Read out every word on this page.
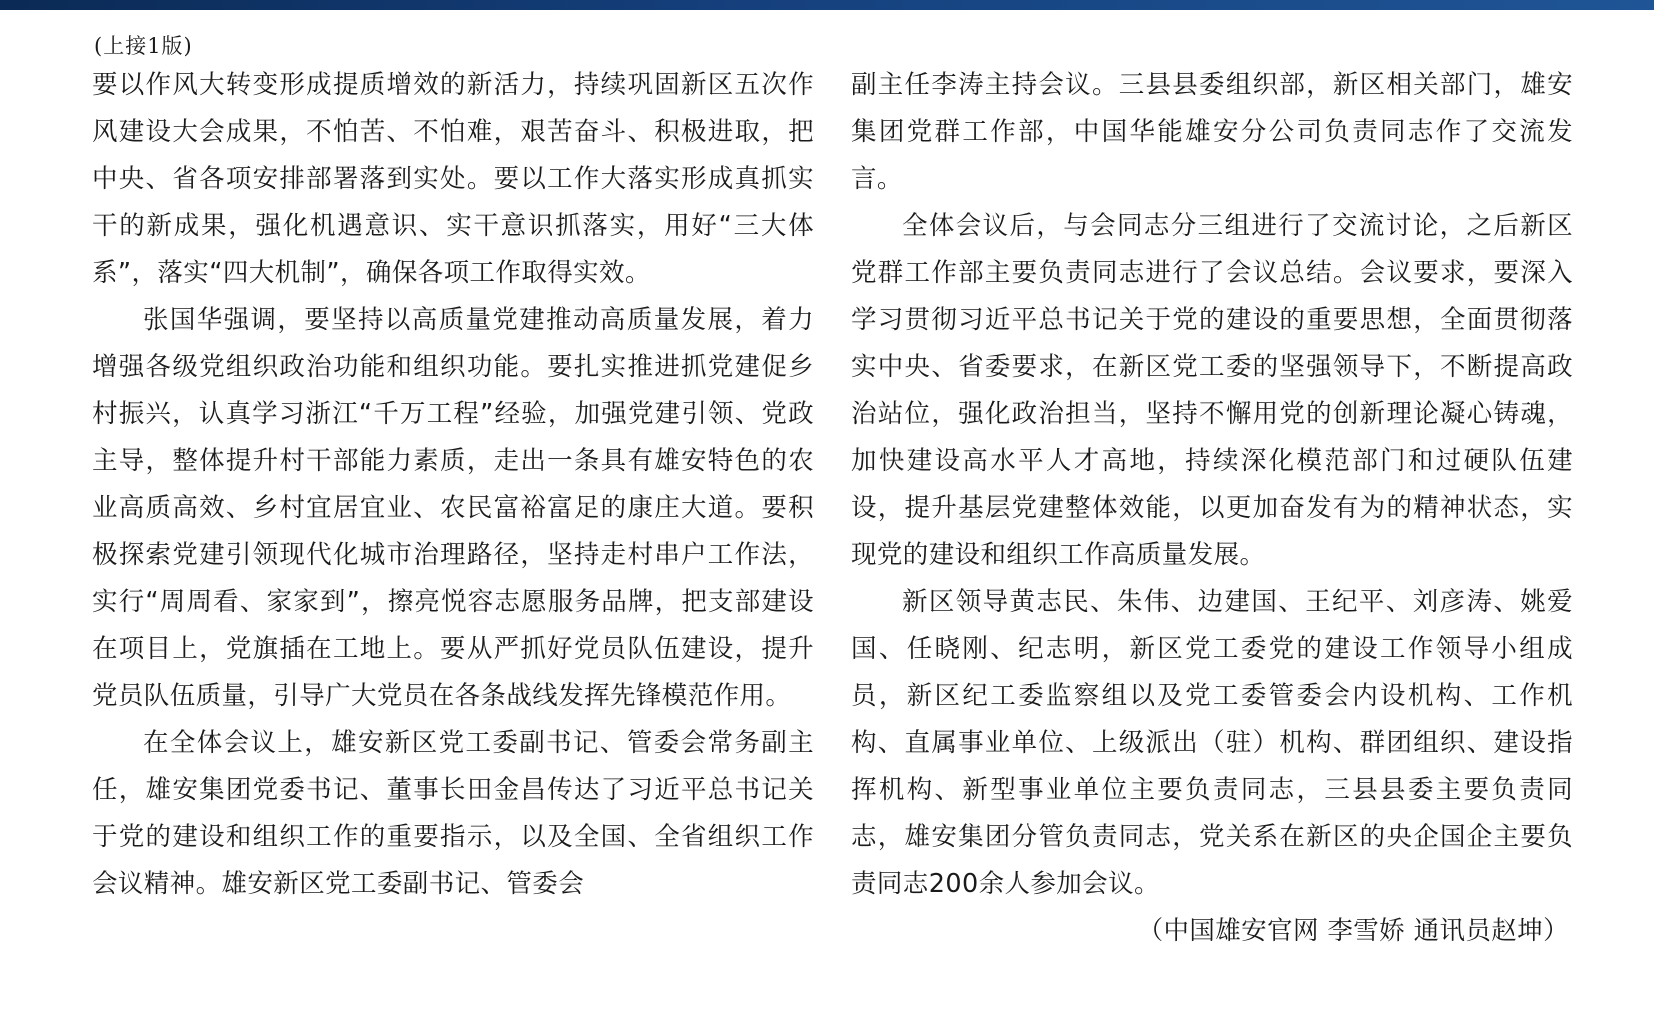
(上接1版)

要以作风大转变形成提质增效的新活力，持续巩固新区五次作风建设大会成果，不怕苦、不怕难，艰苦奋斗、积极进取，把中央、省各项安排部署落到实处。要以工作大落实形成真抓实干的新成果，强化机遇意识、实干意识抓落实，用好“三大体系”，落实“四大机制”，确保各项工作取得实效。

张国华强调，要坚持以高质量党建推动高质量发展，着力增强各级党组织政治功能和组织功能。要扎实推进抓党建促乡村振兴，认真学习浙江“千万工程”经验，加强党建引领、党政主导，整体提升村干部能力素质，走出一条具有雄安特色的农业高质高效、乡村宜居宜业、农民富裕富足的康庄大道。要积极探索党建引领现代化城市治理路径，坚持走村串户工作法，实行“周周看、家家到”，擦亮悦容志愿服务品牌，把支部建设在项目上，党旗插在工地上。要从严抓好党员队伍建设，提升党员队伍质量，引导广大党员在各条战线发挥先锋模范作用。

在全体会议上，雄安新区党工委副书记、管委会常务副主任，雄安集团党委书记、董事长田金昌传达了习近平总书记关于党的建设和组织工作的重要指示，以及全国、全省组织工作会议精神。雄安新区党工委副书记、管委会

副主任李涛主持会议。三县县委组织部，新区相关部门，雄安集团党群工作部，中国华能雄安分公司负责同志作了交流发言。

全体会议后，与会同志分三组进行了交流讨论，之后新区党群工作部主要负责同志进行了会议总结。会议要求，要深入学习贯彻习近平总书记关于党的建设的重要思想，全面贯彻落实中央、省委要求，在新区党工委的坚强领导下，不断提高政治站位，强化政治担当，坚持不懈用党的创新理论凝心铸魂，加快建设高水平人才高地，持续深化模范部门和过硬队伍建设，提升基层党建整体效能，以更加奋发有为的精神状态，实现党的建设和组织工作高质量发展。

新区领导黄志民、朱伟、边建国、王纪平、刘彦涛、姚爱国、任晓刚、纪志明，新区党工委党的建设工作领导小组成员，新区纪工委监察组以及党工委管委会内设机构、工作机构、直属事业单位、上级派出（驻）机构、群团组织、建设指挥机构、新型事业单位主要负责同志，三县县委主要负责同志，雄安集团分管负责同志，党关系在新区的央企国企主要负责同志200余人参加会议。

（中国雄安官网 李雪娇 通讯员赵坤）
